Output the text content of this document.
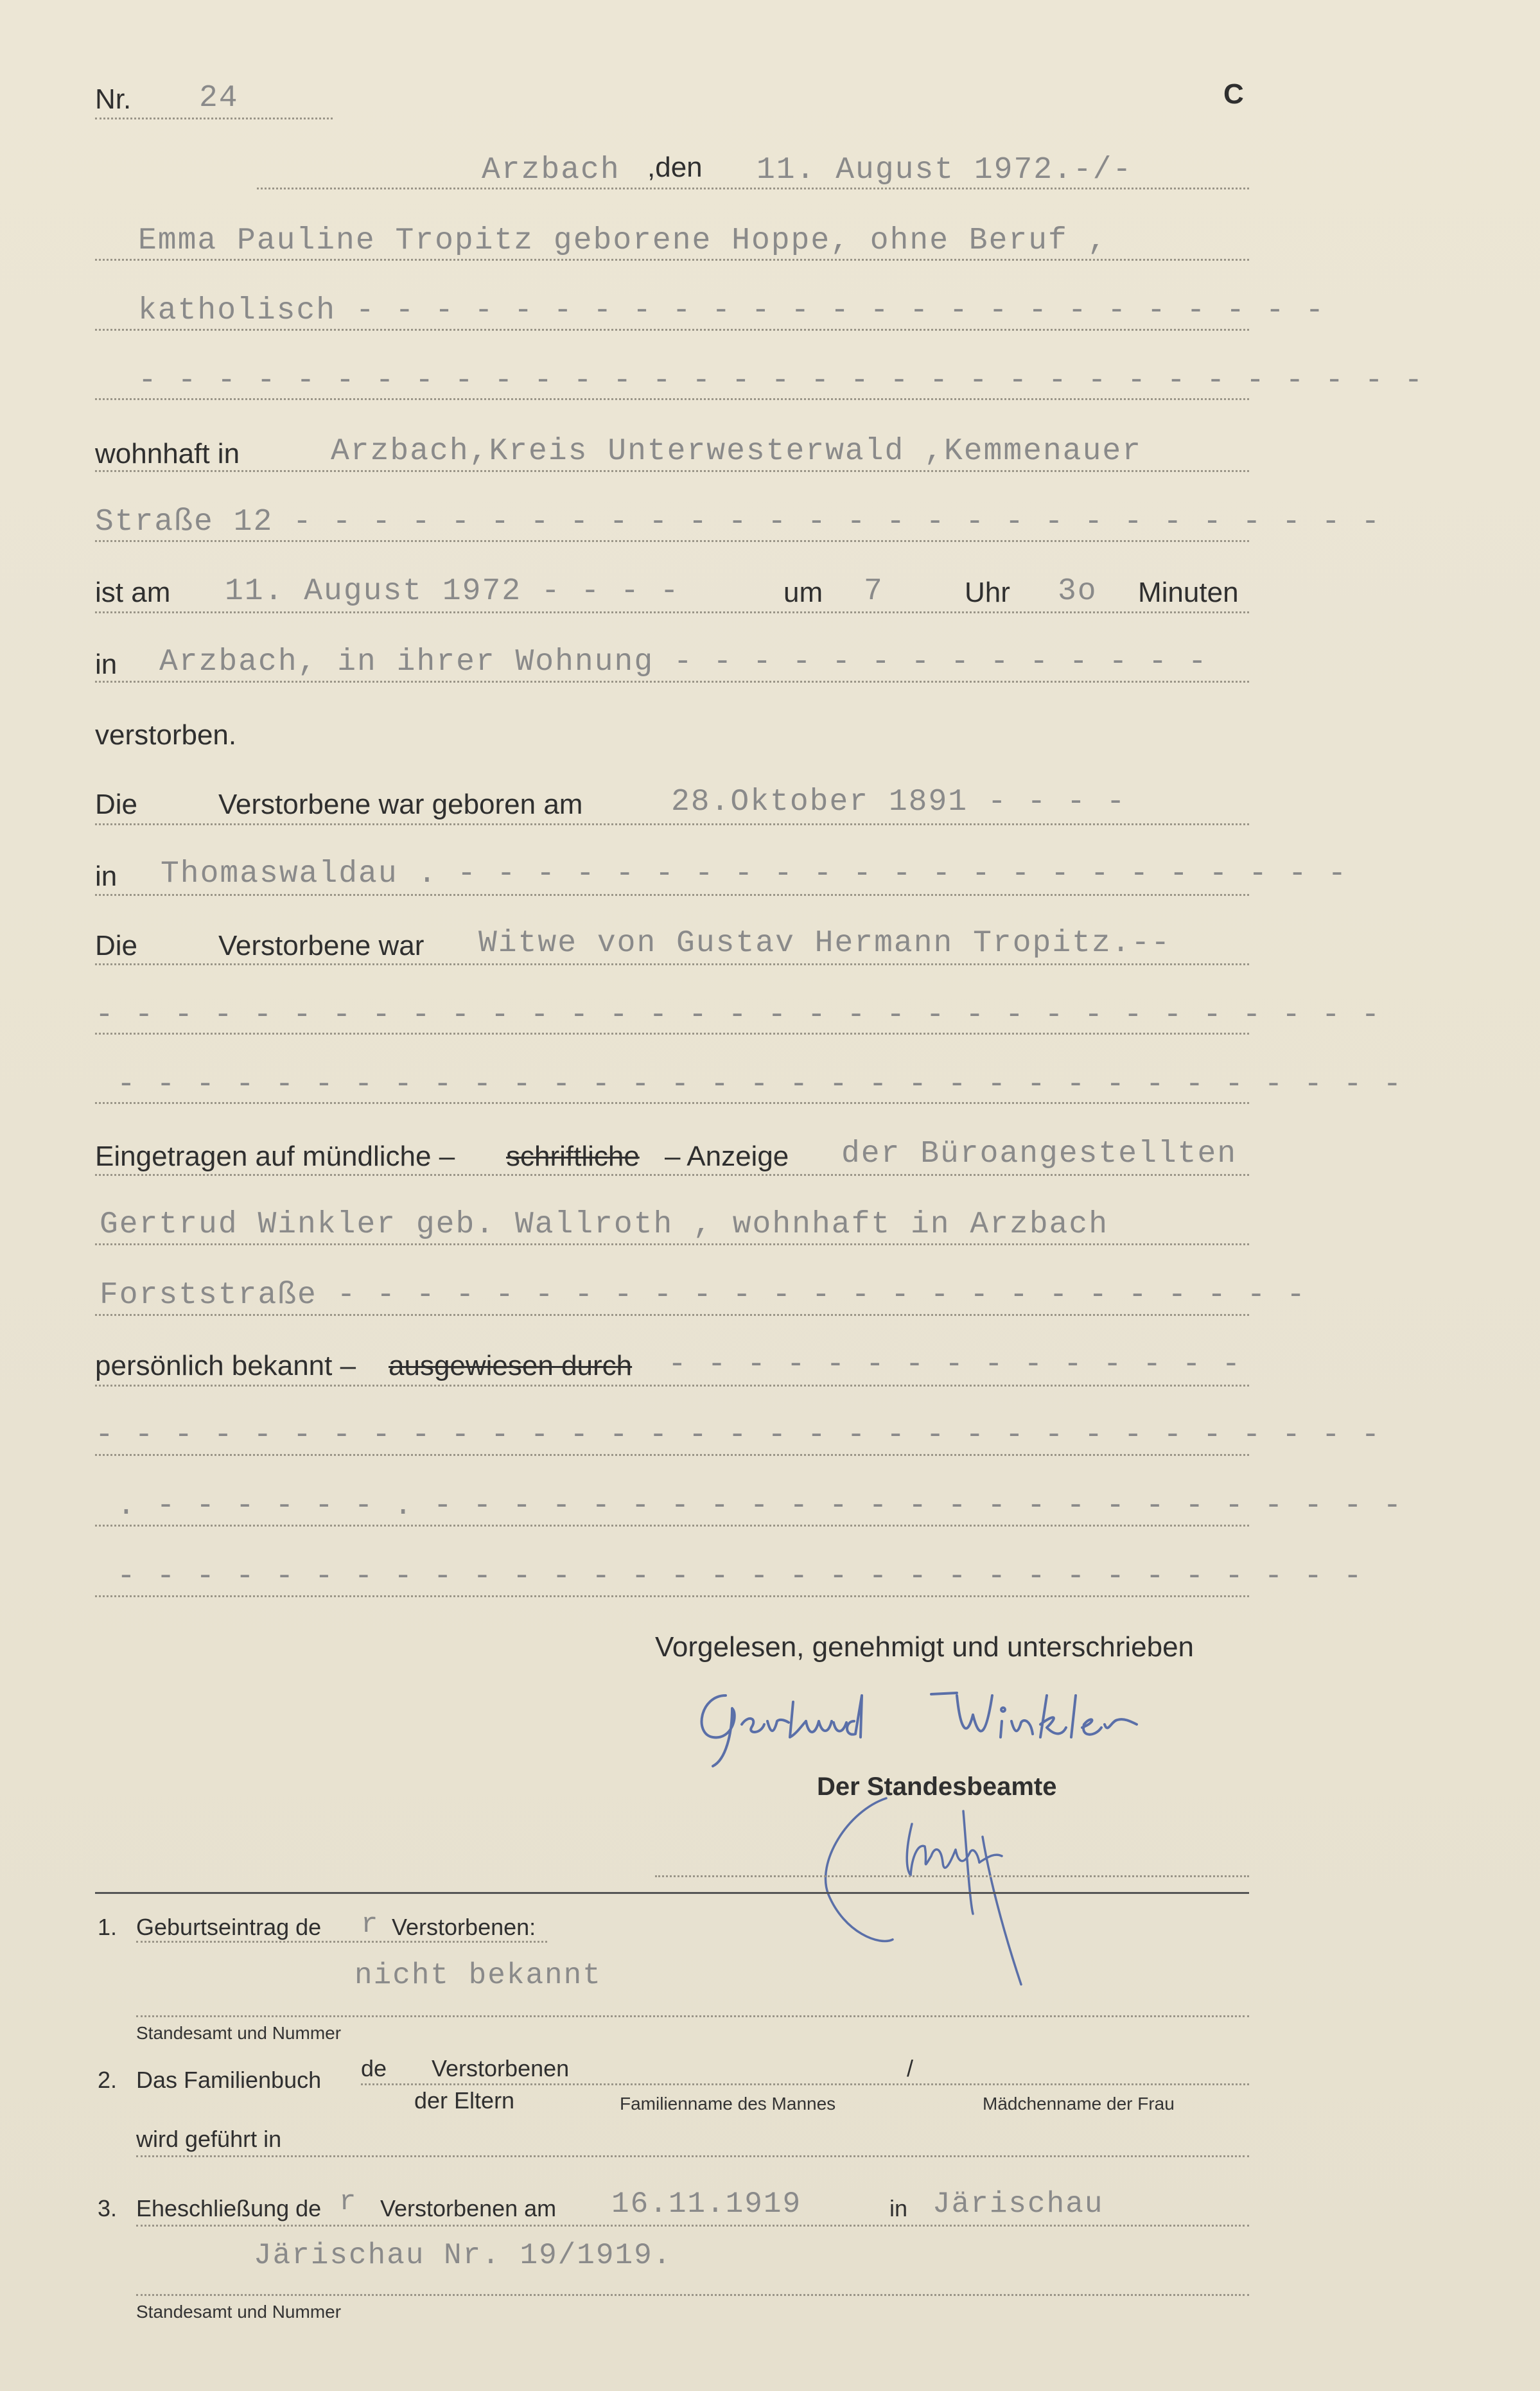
Nr. 24	C
Arzbach ,den 11. August 1972.-/-
Emma Pauline Tropitz geborene Hoppe, ohne Beruf ,
katholisch - - - - - - - - - - - - - - - - - - - - - - - - -
- - - - - - - - - - - - - - - - - - - - - - - - - - - - - - - - -
wohnhaft in	Arzbach,Kreis Unterwesterwald ,Kemmenauer
Straße 12 - - - - - - - - - - - - - - - - - - - - - - - - - - - -
ist am 11. August 1972 - - - -	um 7	Uhr 3o Minuten
in Arzbach, in ihrer Wohnung - - - - - - - - - - - - - -
verstorben.
Die	Verstorbene war geboren am	28.Oktober 1891 - - - -
in Thomaswaldau . - - - - - - - - - - - - - - - - - - - - - - -
Die	Verstorbene war Witwe von Gustav Hermann Tropitz.--
- - - - - - - - - - - - - - - - - - - - - - - - - - - - - - - - -
- - - - - - - - - - - - - - - - - - - - - - - - - - - - - - - - -
Eingetragen auf mündliche – schriftliche – Anzeige der Büroangestellten
Gertrud Winkler geb. Wallroth , wohnhaft in Arzbach
Forststraße - - - - - - - - - - - - - - - - - - - - - - - - -
persönlich bekannt – ausgewiesen durch - - - - - - - - - - - - - - -
- - - - - - - - - - - - - - - - - - - - - - - - - - - - - - - - -
. - - - - - - . - - - - - - - - - - - - - - - - - - - - - - - - -
- - - - - - - - - - - - - - - - - - - - - - - - - - - - - - - -
Vorgelesen, genehmigt und unterschrieben
Der Standesbeamte
1. Geburtseintrag de r Verstorbenen:
nicht bekannt
Standesamt und Nummer
2. Das Familienbuch de Verstorbenen
der Eltern
/
Familienname des Mannes	Mädchenname der Frau
wird geführt in
3. Eheschließung de r Verstorbenen am 16.11.1919	in Järischau
Järischau Nr. 19/1919.
Standesamt und Nummer
